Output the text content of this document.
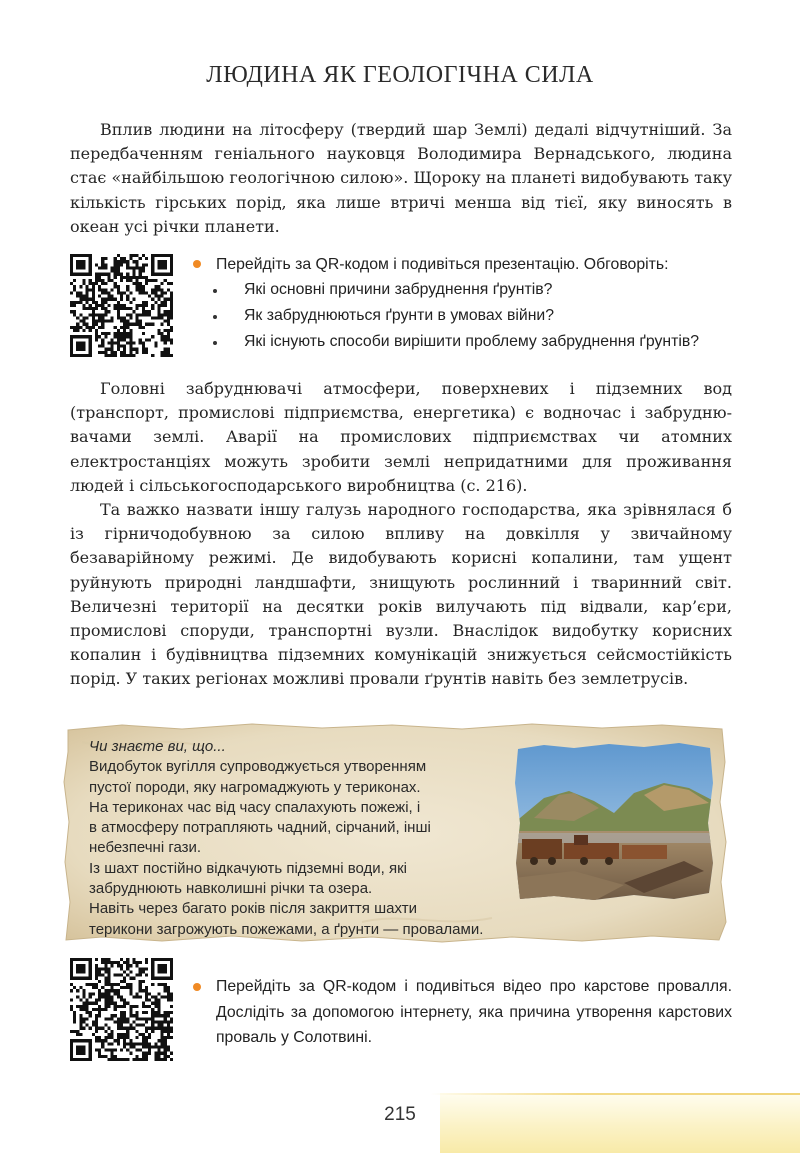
ЛЮДИНА ЯК ГЕОЛОГІЧНА СИЛА
Вплив людини на літосферу (твердий шар Землі) дедалі відчутніший. За передбаченням геніального науковця Володимира Вернадського, людина стає «найбільшою геологічною силою». Щороку на планеті видобувають таку кількість гірських порід, яка лише втричі менша від тієї, яку виносять в океан усі річки планети.
Перейдіть за QR-кодом і подивіться презентацію. Обговоріть:
Які основні причини забруднення ґрунтів?
Як забруднюються ґрунти в умовах війни?
Які існують способи вирішити проблему забруднення ґрунтів?
Головні забруднювачі атмосфери, поверхневих і підземних вод (транспорт, промислові підприємства, енергетика) є водночас і забруднювачами землі. Аварії на промислових підприємствах чи атомних електростанціях можуть зробити землі непридатними для проживання людей і сільськогосподарського виробництва (с. 216).
Та важко назвати іншу галузь народного господарства, яка зрівнялася б із гірничодобувною за силою впливу на довкілля у звичайному безаварійному режимі. Де видобувають корисні копалини, там ущент руйнують природні ландшафти, знищують рослинний і тваринний світ. Величезні території на десятки років вилучають під відвали, кар’єри, промислові споруди, транспортні вузли. Внаслідок видобутку корисних копалин і будівництва підземних комунікацій знижується сейсмостійкість порід. У таких регіонах можливі провали ґрунтів навіть без землетрусів.
Чи знаєте ви, що...
Видобуток вугілля супроводжується утворенням
пустої породи, яку нагромаджують у териконах.
На териконах час від часу спалахують пожежі, і
в атмосферу потрапляють чадний, сірчаний, інші
небезпечні гази.
Із шахт постійно відкачують підземні води, які
забруднюють навколишні річки та озера.
Навіть через багато років після закриття шахти
терикони загрожують пожежами, а ґрунти — провалами.
Перейдіть за QR-кодом і подивіться відео про карстове провалля. Дослідіть за допомогою інтернету, яка причина утворення карстових проваль у Солотвині.
215
